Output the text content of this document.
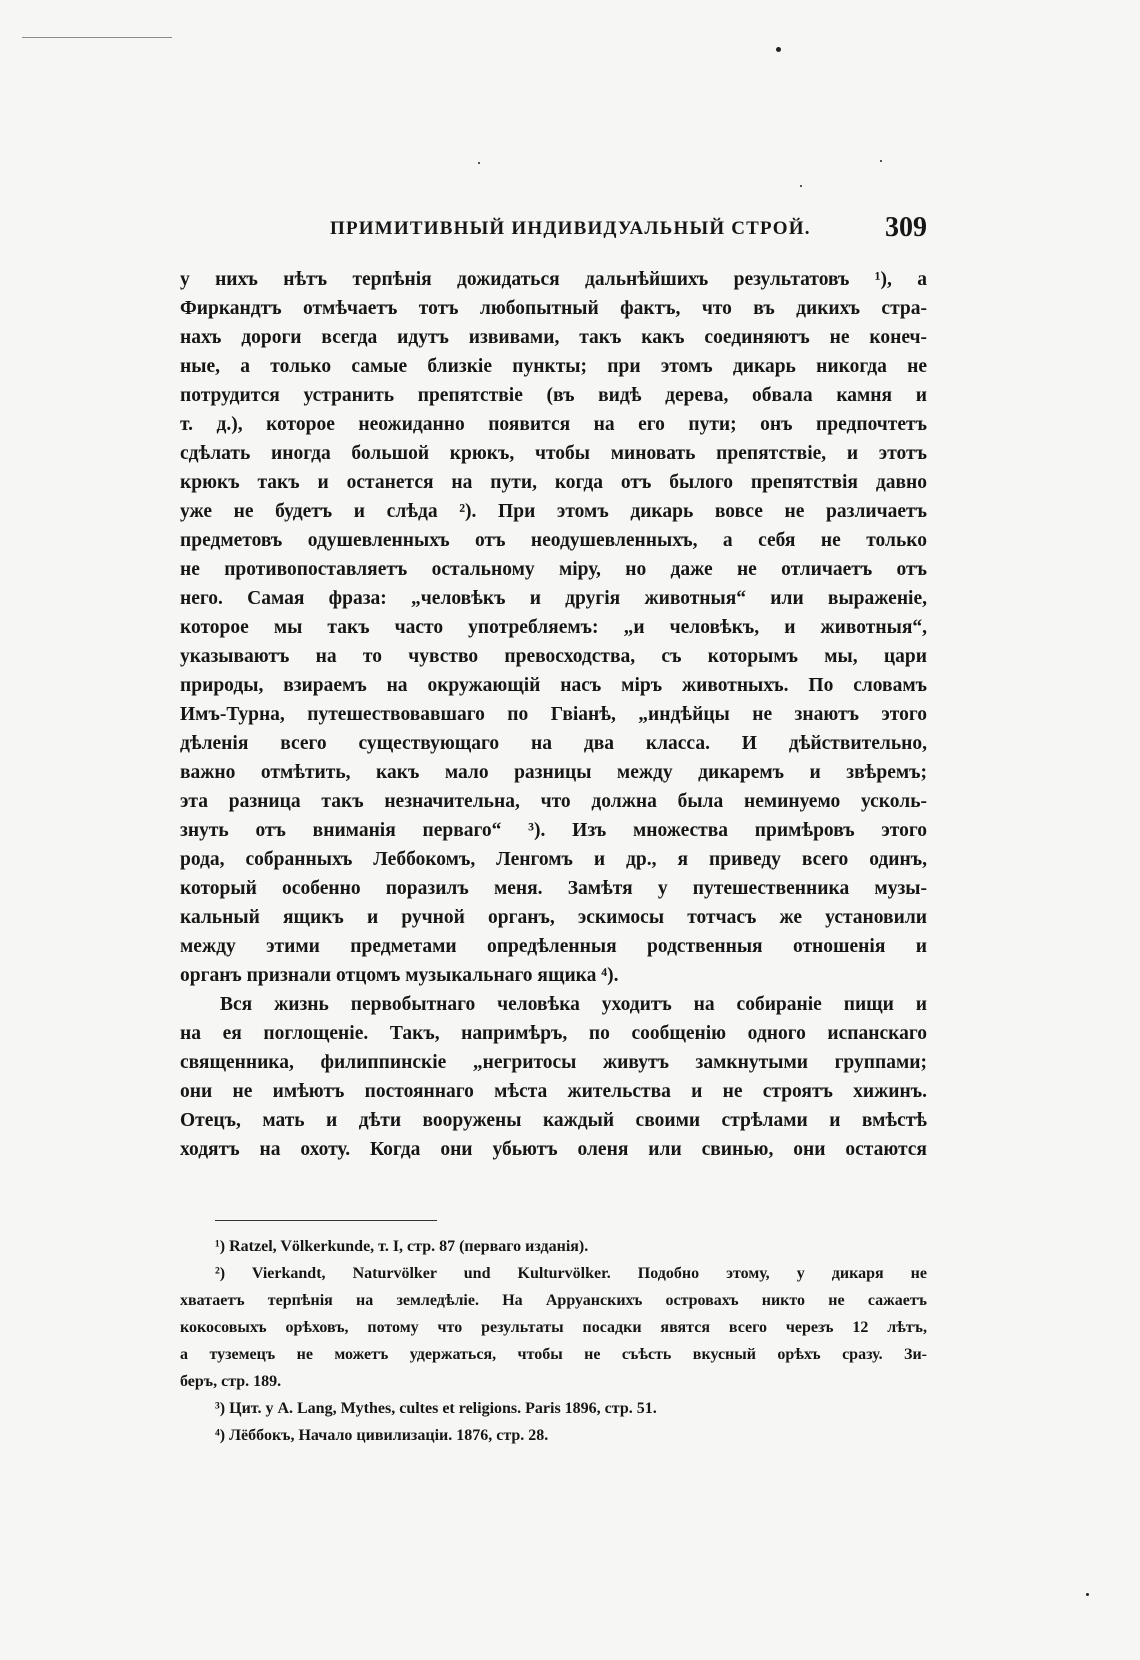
ПРИМИТИВНЫЙ ИНДИВИДУАЛЬНЫЙ СТРОЙ.	309
у нихъ нѣтъ терпѣнія дожидаться дальнѣйшихъ результатовъ ¹), а
Фиркандтъ отмѣчаетъ тотъ любопытный фактъ, что въ дикихъ стра-
нахъ дороги всегда идутъ извивами, такъ какъ соединяютъ не конеч-
ные, а только самые близкіе пункты; при этомъ дикарь никогда не
потрудится устранить препятствіе (въ видѣ дерева, обвала камня и
т. д.), которое неожиданно появится на его пути; онъ предпочтетъ
сдѣлать иногда большой крюкъ, чтобы миновать препятствіе, и этотъ
крюкъ такъ и останется на пути, когда отъ былого препятствія давно
уже не будетъ и слѣда ²). При этомъ дикарь вовсе не различаетъ
предметовъ одушевленныхъ отъ неодушевленныхъ, а себя не только
не противопоставляетъ остальному міру, но даже не отличаетъ отъ
него. Самая фраза: „человѣкъ и другія животныя“ или выраженіе,
которое мы такъ часто употребляемъ: „и человѣкъ, и животныя“,
указываютъ на то чувство превосходства, съ которымъ мы, цари
природы, взираемъ на окружающій насъ міръ животныхъ. По словамъ
Имъ-Турна, путешествовавшаго по Гвіанѣ, „индѣйцы не знаютъ этого
дѣленія всего существующаго на два класса. И дѣйствительно,
важно отмѣтить, какъ мало разницы между дикаремъ и звѣремъ;
эта разница такъ незначительна, что должна была неминуемо усколь-
знуть отъ вниманія перваго“ ³). Изъ множества примѣровъ этого
рода, собранныхъ Леббокомъ, Ленгомъ и др., я приведу всего одинъ,
который особенно поразилъ меня. Замѣтя у путешественника музы-
кальный ящикъ и ручной органъ, эскимосы тотчасъ же установили
между этими предметами опредѣленныя родственныя отношенія и
органъ признали отцомъ музыкальнаго ящика ⁴).
Вся жизнь первобытнаго человѣка уходитъ на собираніе пищи и
на ея поглощеніе. Такъ, напримѣръ, по сообщенію одного испанскаго
священника, филиппинскіе „негритосы живутъ замкнутыми группами;
они не имѣютъ постояннаго мѣста жительства и не строятъ хижинъ.
Отецъ, мать и дѣти вооружены каждый своими стрѣлами и вмѣстѣ
ходятъ на охоту. Когда они убьютъ оленя или свинью, они остаются
¹) Ratzel, Völkerkunde, т. I, стр. 87 (перваго изданія).
²) Vierkandt, Naturvölker und Kulturvölker. Подобно этому, у дикаря не
хватаетъ терпѣнія на земледѣліе. На Арруанскихъ островахъ никто не сажаетъ
кокосовыхъ орѣховъ, потому что результаты посадки явятся всего черезъ 12 лѣтъ,
а туземецъ не можетъ удержаться, чтобы не съѣсть вкусный орѣхъ сразу. Зи-
беръ, стр. 189.
³) Цит. у A. Lang, Mythes, cultes et religions. Paris 1896, стр. 51.
⁴) Лёббокъ, Начало цивилизаціи. 1876, стр. 28.
